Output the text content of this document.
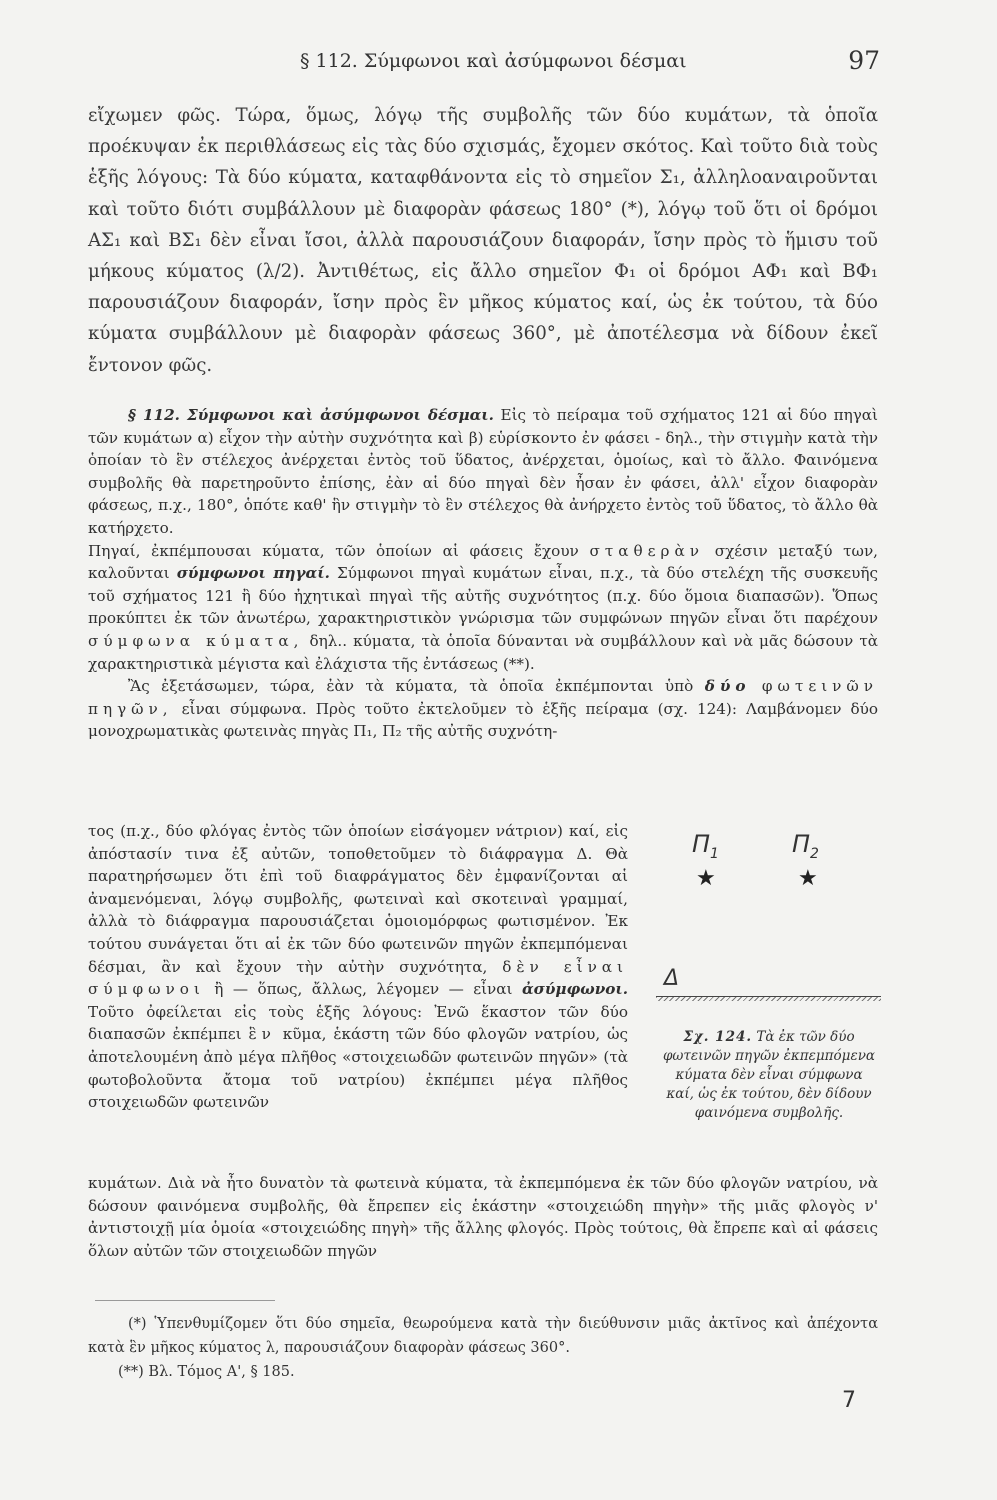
§ 112. Σύμφωνοι καὶ ἀσύμφωνοι δέσμαι	97

εἴχωμεν φῶς. Τώρα, ὅμως, λόγῳ τῆς συμβολῆς τῶν δύο κυμάτων, τὰ ὁποῖα προέκυψαν ἐκ περιθλάσεως εἰς τὰς δύο σχισμάς, ἔχομεν σκότος. Καὶ τοῦτο διὰ τοὺς ἑξῆς λόγους: Τὰ δύο κύματα, καταφθάνοντα εἰς τὸ σημεῖον Σ₁, ἀλληλοαναιροῦνται καὶ τοῦτο διότι συμβάλλουν μὲ διαφορὰν φάσεως 180° (*), λόγῳ τοῦ ὅτι οἱ δρόμοι ΑΣ₁ καὶ ΒΣ₁ δὲν εἶναι ἴσοι, ἀλλὰ παρουσιάζουν διαφοράν, ἴσην πρὸς τὸ ἥμισυ τοῦ μήκους κύματος (λ/2). Ἀντιθέτως, εἰς ἄλλο σημεῖον Φ₁ οἱ δρόμοι ΑΦ₁ καὶ ΒΦ₁ παρουσιάζουν διαφοράν, ἴσην πρὸς ἓν μῆκος κύματος καί, ὡς ἐκ τούτου, τὰ δύο κύματα συμβάλλουν μὲ διαφορὰν φάσεως 360°, μὲ ἀποτέλεσμα νὰ δίδουν ἐκεῖ ἔντονον φῶς.

§ 112. Σύμφωνοι καὶ ἀσύμφωνοι δέσμαι. Εἰς τὸ πείραμα τοῦ σχήματος 121 αἱ δύο πηγαὶ τῶν κυμάτων α) εἶχον τὴν αὐτὴν συχνότητα καὶ β) εὑρίσκοντο ἐν φάσει - δηλ., τὴν στιγμὴν κατὰ τὴν ὁποίαν τὸ ἓν στέλεχος ἀνέρχεται ἐντὸς τοῦ ὕδατος, ἀνέρχεται, ὁμοίως, καὶ τὸ ἄλλο. Φαινόμενα συμβολῆς θὰ παρετηροῦντο ἐπίσης, ἐὰν αἱ δύο πηγαὶ δὲν ἦσαν ἐν φάσει, ἀλλ' εἶχον διαφορὰν φάσεως, π.χ., 180°, ὁπότε καθ' ἣν στιγμὴν τὸ ἓν στέλεχος θὰ ἀνήρχετο ἐντὸς τοῦ ὕδατος, τὸ ἄλλο θὰ κατήρχετο.

Πηγαί, ἐκπέμπουσαι κύματα, τῶν ὁποίων αἱ φάσεις ἔχουν σταθερὰν σχέσιν μεταξύ των, καλοῦνται σύμφωνοι πηγαί. Σύμφωνοι πηγαὶ κυμάτων εἶναι, π.χ., τὰ δύο στελέχη τῆς συσκευῆς τοῦ σχήματος 121 ἢ δύο ἠχητικαὶ πηγαὶ τῆς αὐτῆς συχνότητος (π.χ. δύο ὅμοια διαπασῶν). Ὅπως προκύπτει ἐκ τῶν ἀνωτέρω, χαρακτηριστικὸν γνώρισμα τῶν συμφώνων πηγῶν εἶναι ὅτι παρέχουν σύμφωνα κύματα, δηλ.. κύματα, τὰ ὁποῖα δύνανται νὰ συμβάλλουν καὶ νὰ μᾶς δώσουν τὰ χαρακτηριστικὰ μέγιστα καὶ ἐλάχιστα τῆς ἐντάσεως (**).

Ἂς ἐξετάσωμεν, τώρα, ἐὰν τὰ κύματα, τὰ ὁποῖα ἐκπέμπονται ὑπὸ δύο φωτεινῶν πηγῶν, εἶναι σύμφωνα. Πρὸς τοῦτο ἐκτελοῦμεν τὸ ἑξῆς πείραμα (σχ. 124): Λαμβάνομεν δύο μονοχρωματικὰς φωτεινὰς πηγὰς Π₁, Π₂ τῆς αὐτῆς συχνότη-

τος (π.χ., δύο φλόγας ἐντὸς τῶν ὁποίων εἰσάγομεν νάτριον) καί, εἰς ἀπόστασίν τινα ἐξ αὐτῶν, τοποθετοῦμεν τὸ διάφραγμα Δ. Θὰ παρατηρήσωμεν ὅτι ἐπὶ τοῦ διαφράγματος δὲν ἐμφανίζονται αἱ ἀναμενόμεναι, λόγῳ συμβολῆς, φωτειναὶ καὶ σκοτειναὶ γραμμαί, ἀλλὰ τὸ διάφραγμα παρουσιάζεται ὁμοιομόρφως φωτισμένον. Ἐκ τούτου συνάγεται ὅτι αἱ ἐκ τῶν δύο φωτεινῶν πηγῶν ἐκπεμπόμεναι δέσμαι, ἂν καὶ ἔχουν τὴν αὐτὴν συχνότητα, δὲν εἶναι σύμφωνοι ἢ — ὅπως, ἄλλως, λέγομεν — εἶναι ἀσύμφωνοι. Τοῦτο ὀφείλεται εἰς τοὺς ἑξῆς λόγους: Ἐνῶ ἕκαστον τῶν δύο διαπασῶν ἐκπέμπει ἓν κῦμα, ἑκάστη τῶν δύο φλογῶν νατρίου, ὡς ἀποτελουμένη ἀπὸ μέγα πλῆθος «στοιχειωδῶν φωτεινῶν πηγῶν» (τὰ φωτοβολοῦντα ἄτομα τοῦ νατρίου) ἐκπέμπει μέγα πλῆθος στοιχειωδῶν φωτεινῶν

$\Pi_1$	$\Pi_2$
★	★
Δ
Σχ. 124. Τὰ ἐκ τῶν δύο φωτεινῶν πηγῶν ἐκπεμπόμενα κύματα δὲν εἶναι σύμφωνα καί, ὡς ἐκ τούτου, δὲν δίδουν φαινόμενα συμβολῆς.

κυμάτων. Διὰ νὰ ἦτο δυνατὸν τὰ φωτεινὰ κύματα, τὰ ἐκπεμπόμενα ἐκ τῶν δύο φλογῶν νατρίου, νὰ δώσουν φαινόμενα συμβολῆς, θὰ ἔπρεπεν εἰς ἑκάστην «στοιχειώδη πηγὴν» τῆς μιᾶς φλογὸς ν' ἀντιστοιχῇ μία ὁμοία «στοιχειώδης πηγὴ» τῆς ἄλλης φλογός. Πρὸς τούτοις, θὰ ἔπρεπε καὶ αἱ φάσεις ὅλων αὐτῶν τῶν στοιχειωδῶν πηγῶν

(*) Ὑπενθυμίζομεν ὅτι δύο σημεῖα, θεωρούμενα κατὰ τὴν διεύθυνσιν μιᾶς ἀκτῖνος καὶ ἀπέχοντα κατὰ ἓν μῆκος κύματος λ, παρουσιάζουν διαφορὰν φάσεως 360°.

(**) Βλ. Τόμος Α', § 185.

7
